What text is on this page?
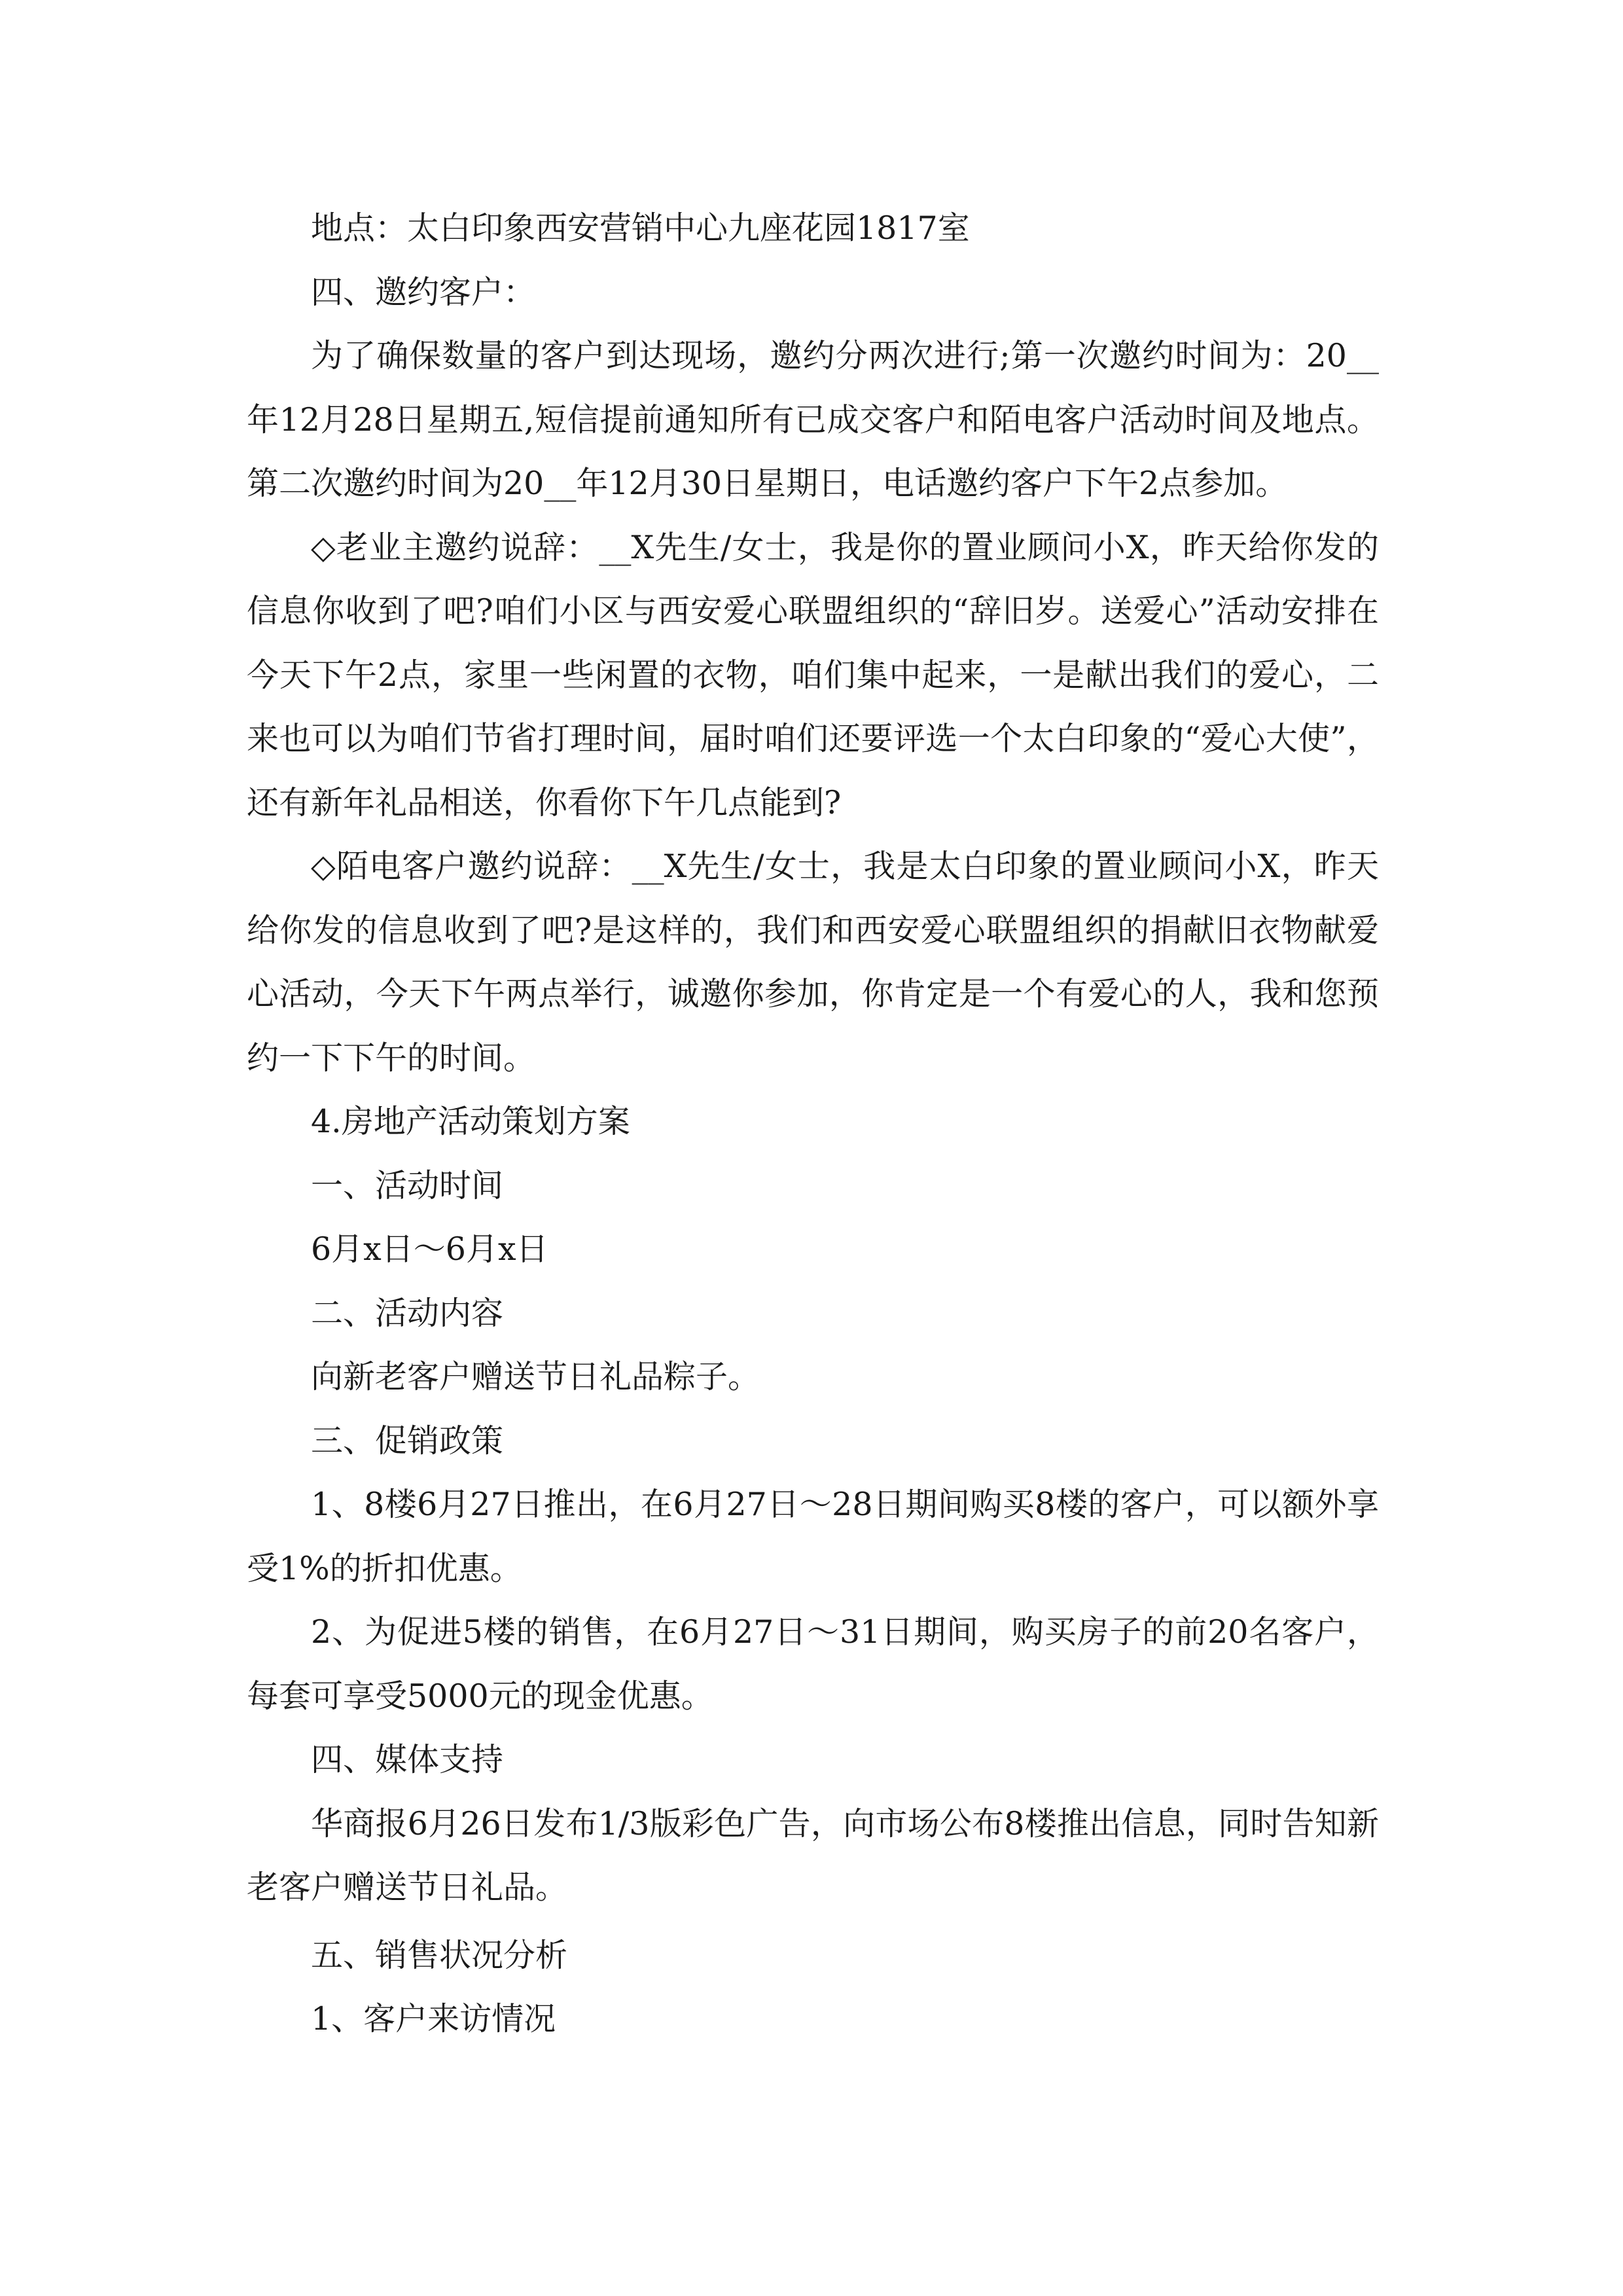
地点：太白印象西安营销中心九座花园1817室

四、邀约客户：

为了确保数量的客户到达现场，邀约分两次进行;第一次邀约时间为：20__年12月28日星期五,短信提前通知所有已成交客户和陌电客户活动时间及地点。第二次邀约时间为20__年12月30日星期日，电话邀约客户下午2点参加。

◇老业主邀约说辞：__X先生/女士，我是你的置业顾问小X，昨天给你发的信息你收到了吧?咱们小区与西安爱心联盟组织的“辞旧岁。送爱心”活动安排在今天下午2点，家里一些闲置的衣物，咱们集中起来，一是献出我们的爱心，二来也可以为咱们节省打理时间，届时咱们还要评选一个太白印象的“爱心大使”，还有新年礼品相送，你看你下午几点能到?

◇陌电客户邀约说辞：__X先生/女士，我是太白印象的置业顾问小X，昨天给你发的信息收到了吧?是这样的，我们和西安爱心联盟组织的捐献旧衣物献爱心活动，今天下午两点举行，诚邀你参加，你肯定是一个有爱心的人，我和您预约一下下午的时间。

4.房地产活动策划方案

一、活动时间

6月x日～6月x日

二、活动内容

向新老客户赠送节日礼品粽子。

三、促销政策

1、8楼6月27日推出，在6月27日～28日期间购买8楼的客户，可以额外享受1%的折扣优惠。

2、为促进5楼的销售，在6月27日～31日期间，购买房子的前20名客户，每套可享受5000元的现金优惠。

四、媒体支持

华商报6月26日发布1/3版彩色广告，向市场公布8楼推出信息，同时告知新老客户赠送节日礼品。

五、销售状况分析

1、客户来访情况
